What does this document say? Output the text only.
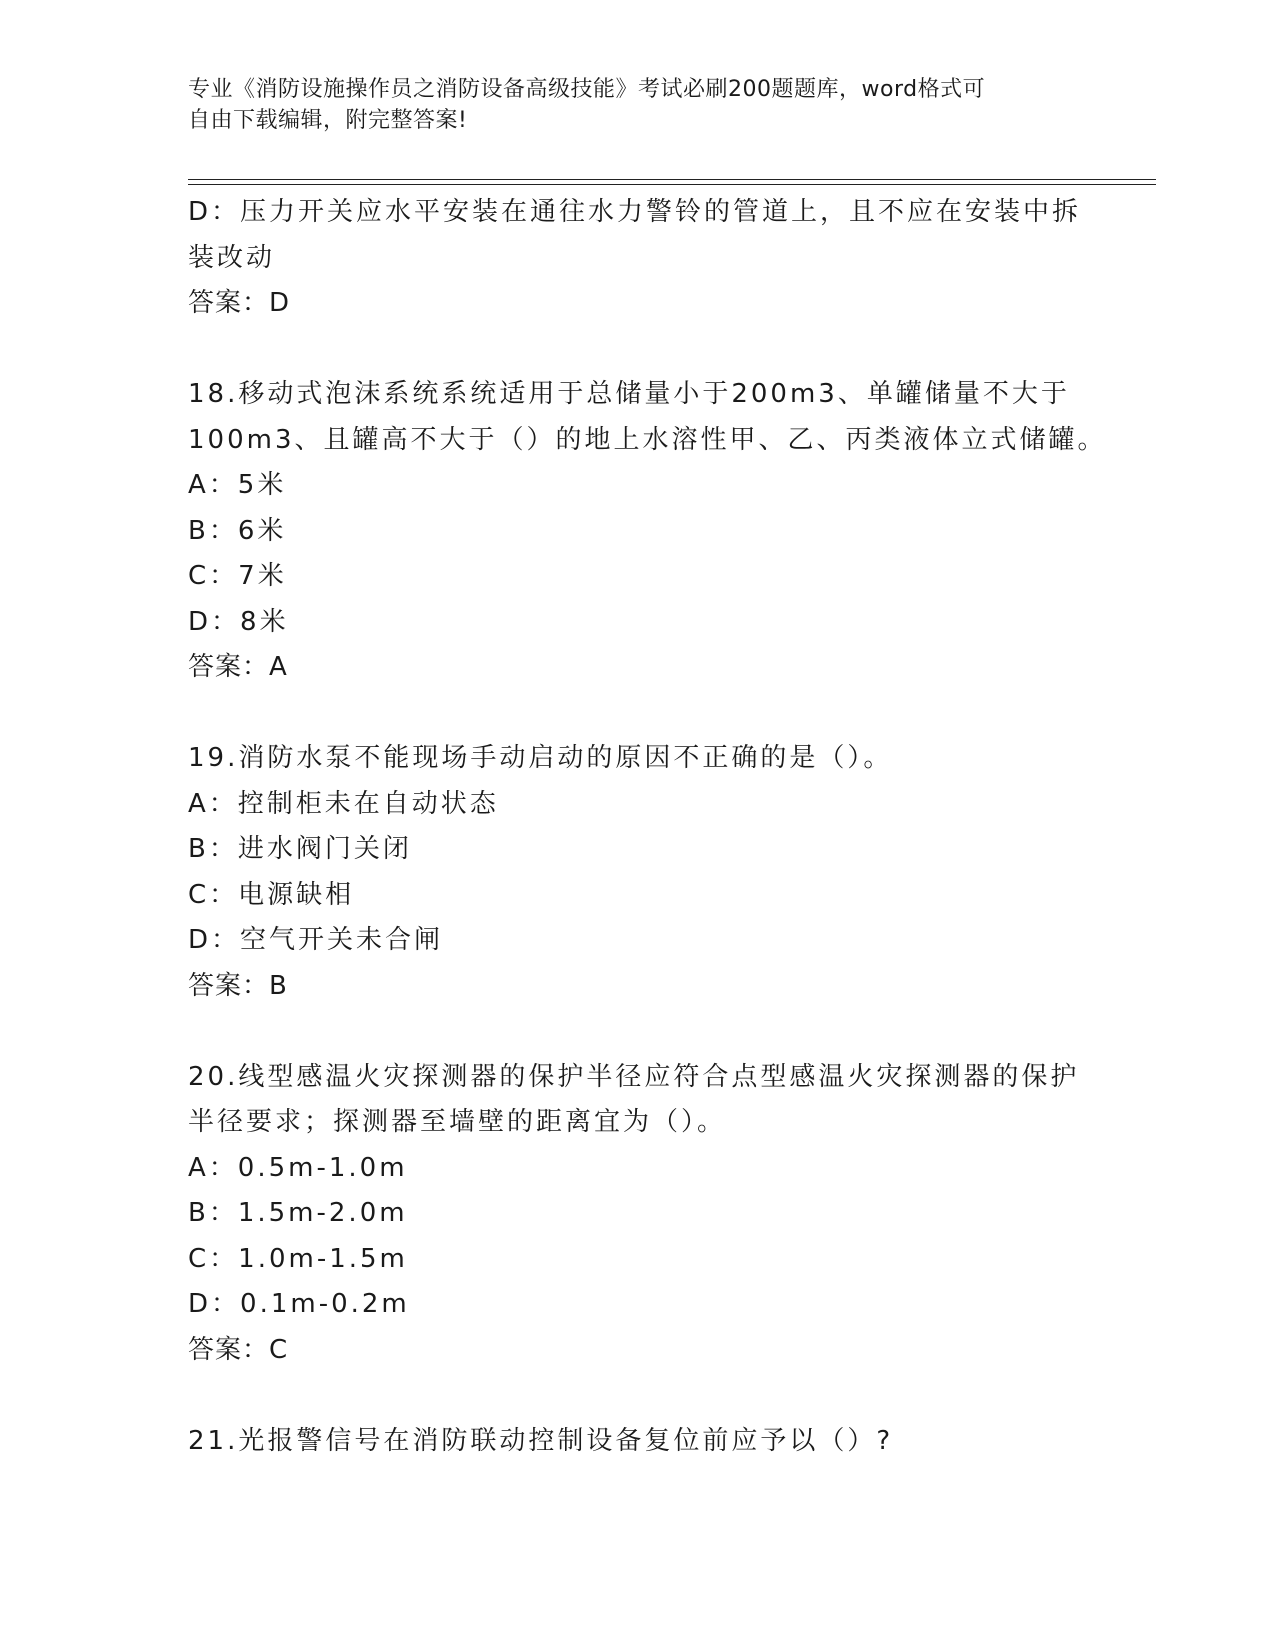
专业《消防设施操作员之消防设备高级技能》考试必刷200题题库，word格式可
自由下载编辑，附完整答案!
D：压力开关应水平安装在通往水力警铃的管道上，且不应在安装中拆
装改动
答案：D
18.移动式泡沫系统系统适用于总储量小于200m3、单罐储量不大于
100m3、且罐高不大于（）的地上水溶性甲、乙、丙类液体立式储罐。
A：5米
B：6米
C：7米
D：8米
答案：A
19.消防水泵不能现场手动启动的原因不正确的是（）。
A：控制柜未在自动状态
B：进水阀门关闭
C：电源缺相
D：空气开关未合闸
答案：B
20.线型感温火灾探测器的保护半径应符合点型感温火灾探测器的保护
半径要求；探测器至墙壁的距离宜为（）。
A：0.5m-1.0m
B：1.5m-2.0m
C：1.0m-1.5m
D：0.1m-0.2m
答案：C
21.光报警信号在消防联动控制设备复位前应予以（）?
